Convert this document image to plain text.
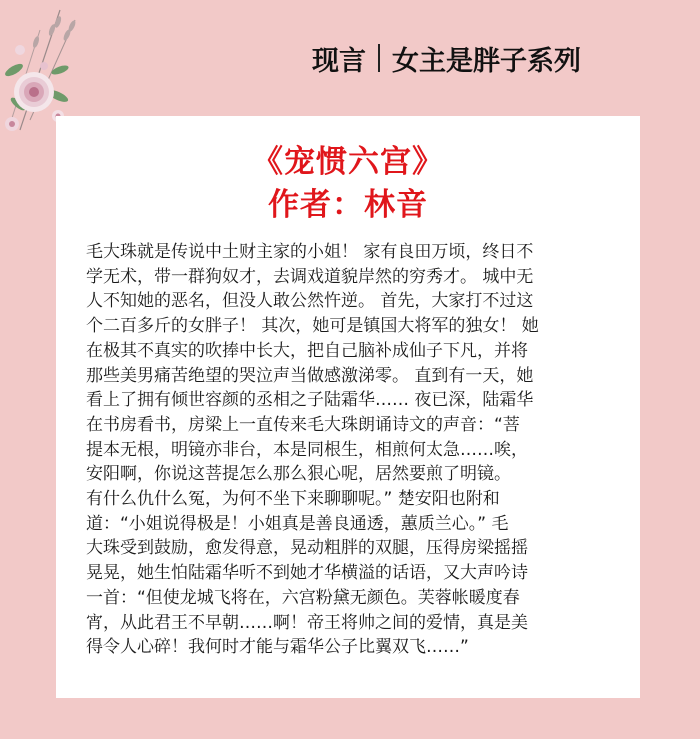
现言 女主是胖子系列
《宠惯六宫》
作者：林音
毛大珠就是传说中土财主家的小姐！ 家有良田万顷，终日不
学无术，带一群狗奴才，去调戏道貌岸然的穷秀才。 城中无
人不知她的恶名，但没人敢公然忤逆。 首先，大家打不过这
个二百多斤的女胖子！ 其次，她可是镇国大将军的独女！ 她
在极其不真实的吹捧中长大，把自己脑补成仙子下凡，并将
那些美男痛苦绝望的哭泣声当做感激涕零。 直到有一天，她
看上了拥有倾世容颜的丞相之子陆霜华…… 夜已深，陆霜华
在书房看书，房梁上一直传来毛大珠朗诵诗文的声音：“菩
提本无根，明镜亦非台，本是同根生，相煎何太急……唉，
安阳啊，你说这菩提怎么那么狠心呢，居然要煎了明镜。
有什么仇什么冤，为何不坐下来聊聊呢。” 楚安阳也附和
道：“小姐说得极是！小姐真是善良通透，蕙质兰心。” 毛
大珠受到鼓励，愈发得意，晃动粗胖的双腿，压得房梁摇摇
晃晃，她生怕陆霜华听不到她才华横溢的话语，又大声吟诗
一首：“但使龙城飞将在，六宫粉黛无颜色。芙蓉帐暖度春
宵，从此君王不早朝……啊！帝王将帅之间的爱情，真是美
得令人心碎！我何时才能与霜华公子比翼双飞……”
